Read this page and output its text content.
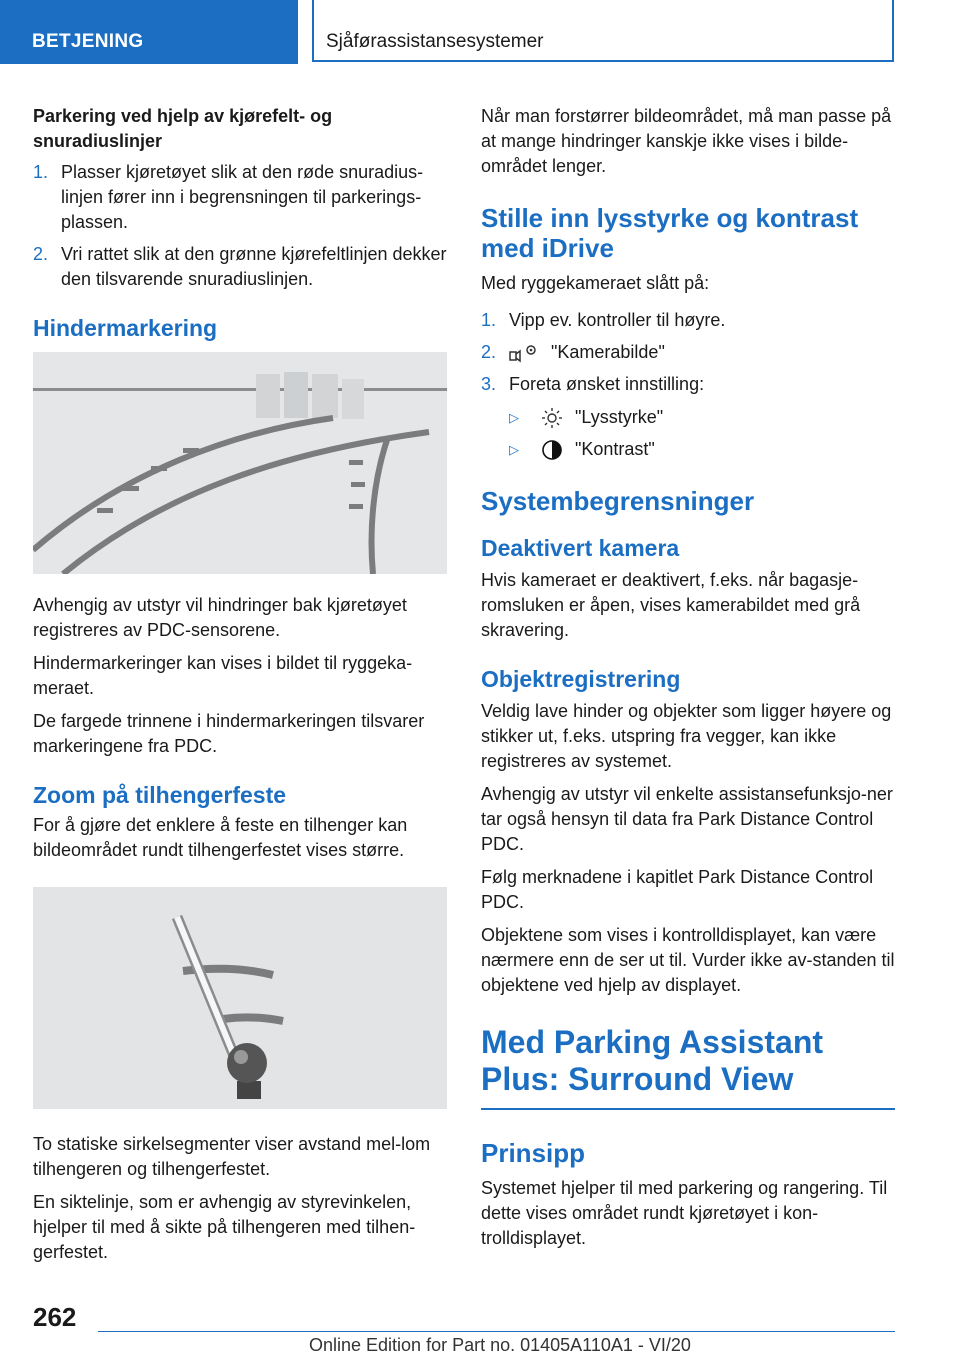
BETJENING	Sjåførassistansesystemer
Parkering ved hjelp av kjørefelt- og snuradiuslinjer
1. Plasser kjøretøyet slik at den røde snuradius-linjen fører inn i begrensningen til parkerings-plassen.
2. Vri rattet slik at den grønne kjørefeltlinjen dekker den tilsvarende snuradiuslinjen.
Hindermarkering

Avhengig av utstyr vil hindringer bak kjøretøyet registreres av PDC-sensorene.

Hindermarkeringer kan vises i bildet til ryggeka-meraet.

De fargede trinnene i hindermarkeringen tilsvarer markeringene fra PDC.

Zoom på tilhengerfeste

For å gjøre det enklere å feste en tilhenger kan bildeområdet rundt tilhengerfestet vises større.

To statiske sirkelsegmenter viser avstand mel-lom tilhengeren og tilhengerfestet.

En siktelinje, som er avhengig av styrevinkelen, hjelper til med å sikte på tilhengeren med tilhen-gerfestet.

Når man forstørrer bildeområdet, må man passe på at mange hindringer kanskje ikke vises i bilde-området lenger.

Stille inn lysstyrke og kontrast med iDrive

Med ryggekameraet slått på:

1. Vipp ev. kontroller til høyre.
2.	"Kamerabilde"
3. Foreta ønsket innstilling:
▷	"Lysstyrke"
▷	"Kontrast"
Systembegrensninger
Deaktivert kamera

Hvis kameraet er deaktivert, f.eks. når bagasje-romsluken er åpen, vises kamerabildet med grå skravering.

Objektregistrering

Veldig lave hinder og objekter som ligger høyere og stikker ut, f.eks. utspring fra vegger, kan ikke registreres av systemet.

Avhengig av utstyr vil enkelte assistansefunksjo-ner tar også hensyn til data fra Park Distance Control PDC.

Følg merknadene i kapitlet Park Distance Control PDC.

Objektene som vises i kontrolldisplayet, kan være nærmere enn de ser ut til. Vurder ikke av-standen til objektene ved hjelp av displayet.

Med Parking Assistant Plus: Surround View
Prinsipp

Systemet hjelper til med parkering og rangering. Til dette vises området rundt kjøretøyet i kon-trolldisplayet.

262
Online Edition for Part no. 01405A110A1 - VI/20
